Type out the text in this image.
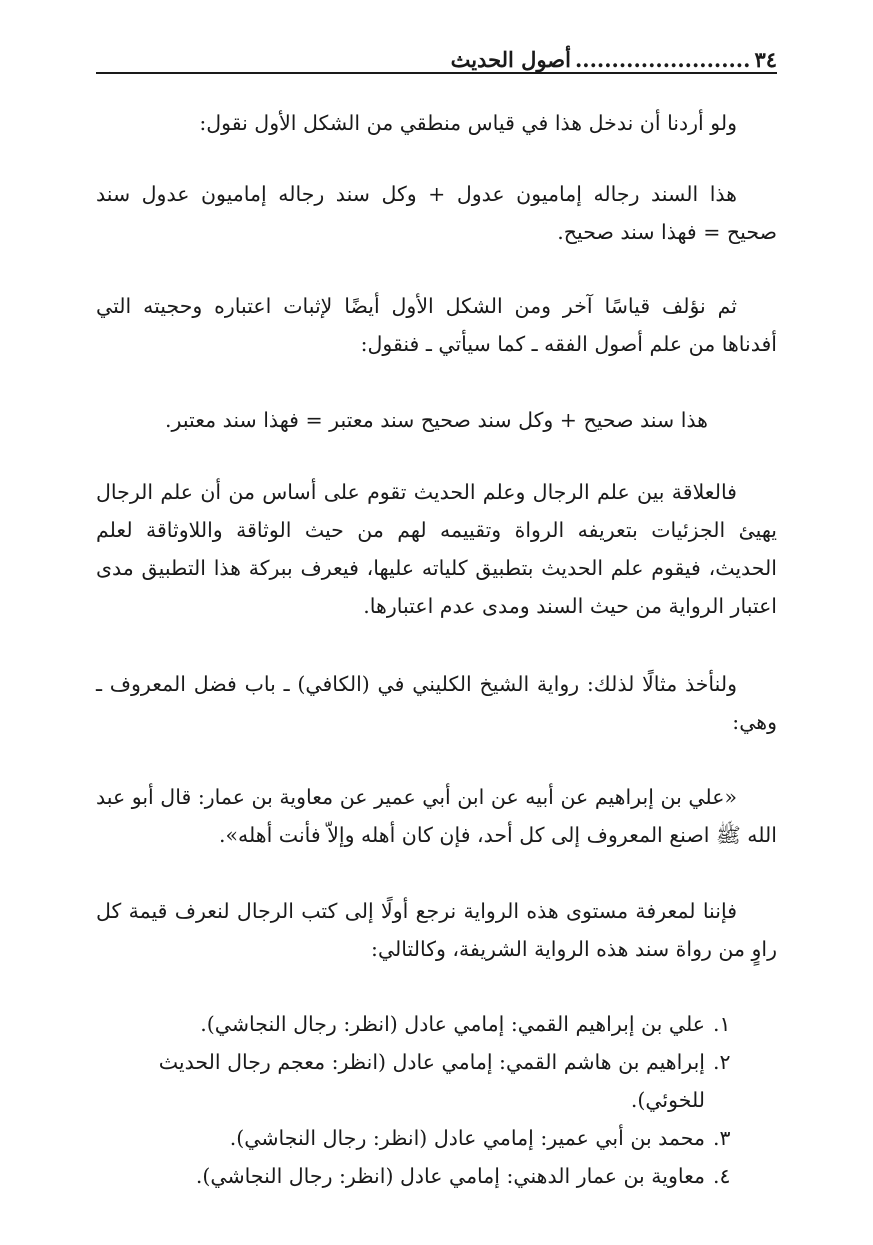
٣٤
........................
أصول الحديث
ولو أردنا أن ندخل هذا في قياس منطقي من الشكل الأول نقول:
هذا السند رجاله إماميون عدول + وكل سند رجاله إماميون عدول سند صحيح = فهذا سند صحيح.
ثم نؤلف قياسًا آخر ومن الشكل الأول أيضًا لإثبات اعتباره وحجيته التي أفدناها من علم أصول الفقه ـ كما سيأتي ـ فنقول:
هذا سند صحيح + وكل سند صحيح سند معتبر = فهذا سند معتبر.
فالعلاقة بين علم الرجال وعلم الحديث تقوم على أساس من أن علم الرجال يهيئ الجزئيات بتعريفه الرواة وتقييمه لهم من حيث الوثاقة واللاوثاقة لعلم الحديث، فيقوم علم الحديث بتطبيق كلياته عليها، فيعرف ببركة هذا التطبيق مدى اعتبار الرواية من حيث السند ومدى عدم اعتبارها.
ولنأخذ مثالًا لذلك: رواية الشيخ الكليني في (الكافي) ـ باب فضل المعروف ـ وهي:
«علي بن إبراهيم عن أبيه عن ابن أبي عمير عن معاوية بن عمار: قال أبو عبد الله ﷺ اصنع المعروف إلى كل أحد، فإن كان أهله وإلاّ فأنت أهله».
فإننا لمعرفة مستوى هذه الرواية نرجع أولًا إلى كتب الرجال لنعرف قيمة كل راوٍ من رواة سند هذه الرواية الشريفة، وكالتالي:
١.
علي بن إبراهيم القمي: إمامي عادل (انظر: رجال النجاشي).
٢.
إبراهيم بن هاشم القمي: إمامي عادل (انظر: معجم رجال الحديث للخوئي).
٣.
محمد بن أبي عمير: إمامي عادل (انظر: رجال النجاشي).
٤.
معاوية بن عمار الدهني: إمامي عادل (انظر: رجال النجاشي).
